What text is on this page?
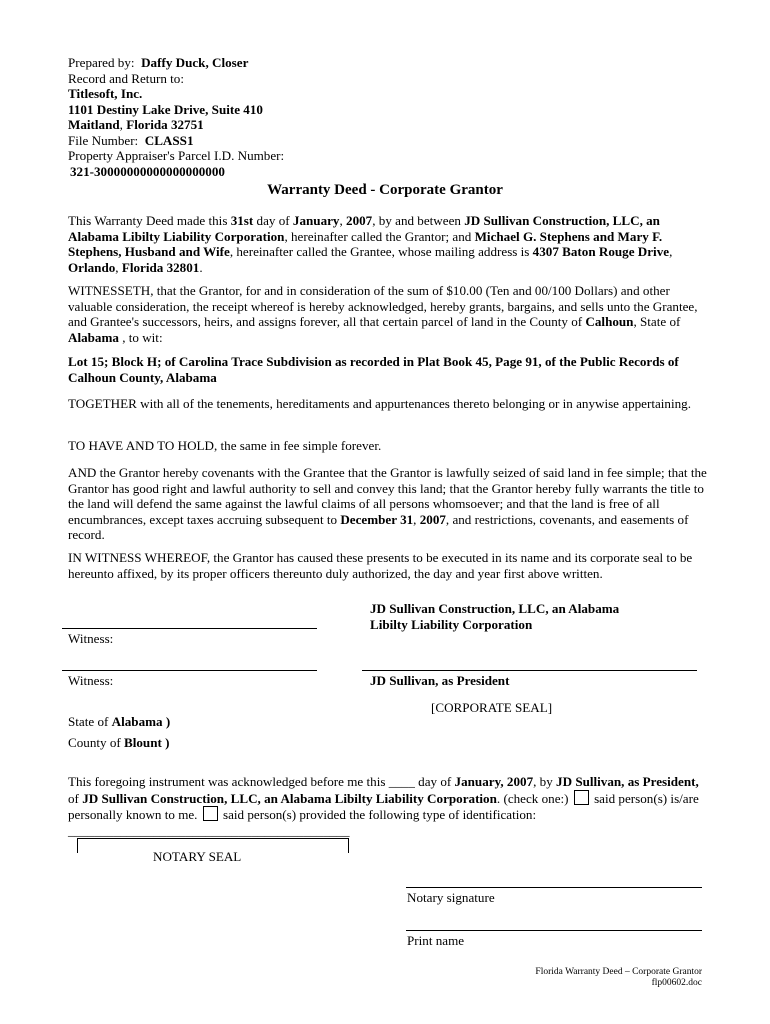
Prepared by: Daffy Duck, Closer
Record and Return to:
Titlesoft, Inc.
1101 Destiny Lake Drive, Suite 410
Maitland, Florida 32751
File Number: CLASS1
Property Appraiser's Parcel I.D. Number:
321-30000000000000000000
Warranty Deed - Corporate Grantor

This Warranty Deed made this 31st day of January, 2007, by and between JD Sullivan Construction, LLC, an Alabama Libilty Liability Corporation, hereinafter called the Grantor; and Michael G. Stephens and Mary F. Stephens, Husband and Wife, hereinafter called the Grantee, whose mailing address is 4307 Baton Rouge Drive, Orlando, Florida 32801.

WITNESSETH, that the Grantor, for and in consideration of the sum of $10.00 (Ten and 00/100 Dollars) and other valuable consideration, the receipt whereof is hereby acknowledged, hereby grants, bargains, and sells unto the Grantee, and Grantee's successors, heirs, and assigns forever, all that certain parcel of land in the County of Calhoun, State of Alabama , to wit:

Lot 15; Block H; of Carolina Trace Subdivision as recorded in Plat Book 45, Page 91, of the Public Records of Calhoun County, Alabama

TOGETHER with all of the tenements, hereditaments and appurtenances thereto belonging or in anywise appertaining.

TO HAVE AND TO HOLD, the same in fee simple forever.

AND the Grantor hereby covenants with the Grantee that the Grantor is lawfully seized of said land in fee simple; that the Grantor has good right and lawful authority to sell and convey this land; that the Grantor hereby fully warrants the title to the land will defend the same against the lawful claims of all persons whomsoever; and that the land is free of all encumbrances, except taxes accruing subsequent to December 31, 2007, and restrictions, covenants, and easements of record.

IN WITNESS WHEREOF, the Grantor has caused these presents to be executed in its name and its corporate seal to be hereunto affixed, by its proper officers thereunto duly authorized, the day and year first above written.

JD Sullivan Construction, LLC, an Alabama
Libilty Liability Corporation
Witness:
Witness:	JD Sullivan, as President
[CORPORATE SEAL]
State of Alabama )
County of Blount )

This foregoing instrument was acknowledged before me this ____ day of January, 2007, by JD Sullivan, as President, of JD Sullivan Construction, LLC, an Alabama Libilty Liability Corporation. (check one:)  said person(s) is/are personally known to me.  said person(s) provided the following type of identification: ___________________________________________

NOTARY SEAL
Notary signature
Print name
Florida Warranty Deed – Corporate Grantor
flp00602.doc
